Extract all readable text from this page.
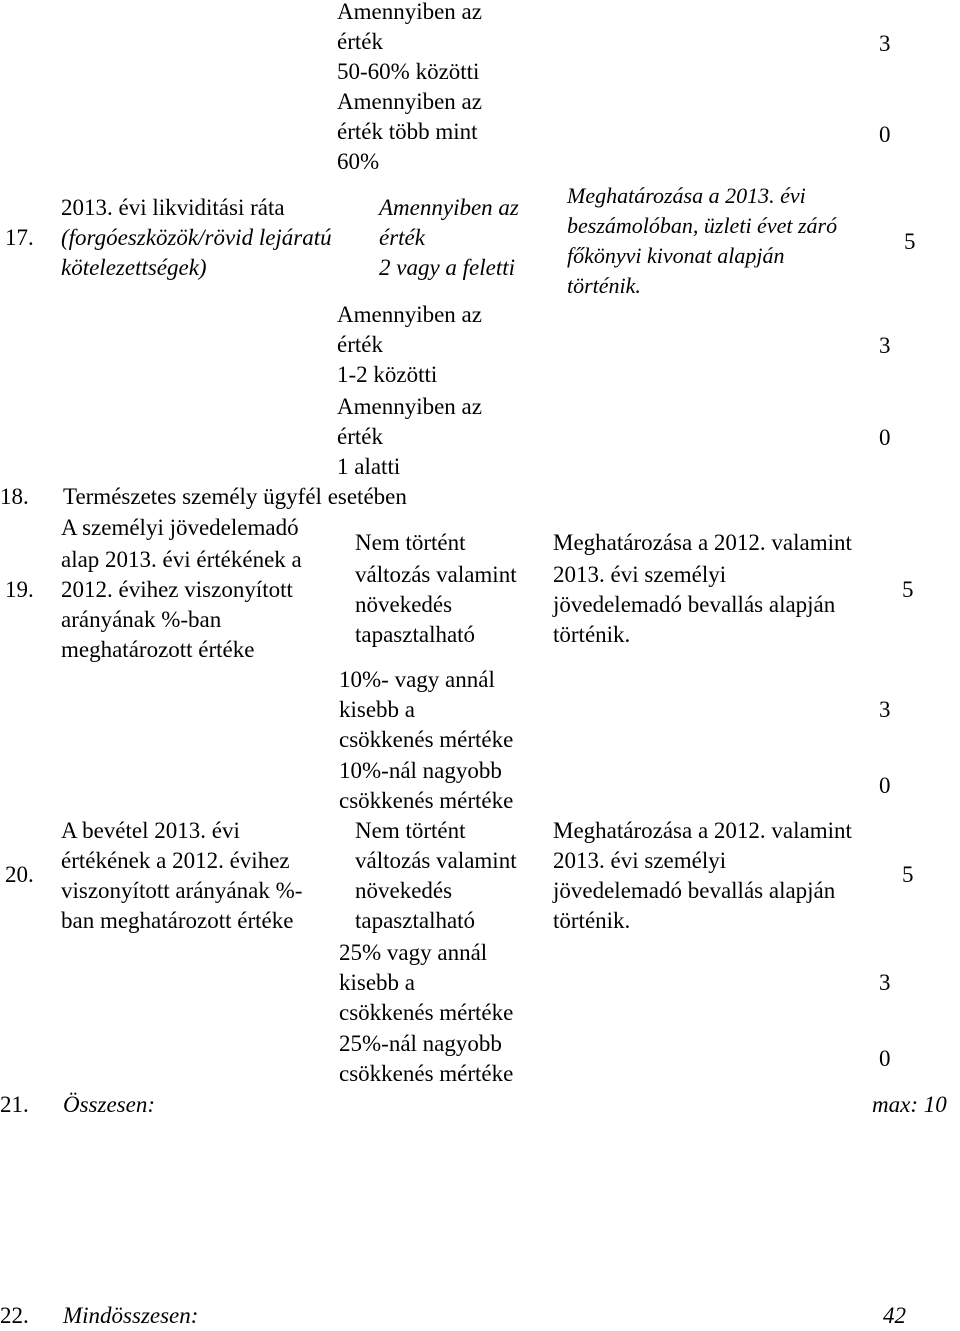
Amennyiben az
érték
50-60% közötti
3
Amennyiben az
érték több mint
60%
0
17.
2013. évi likviditási ráta
(forgóeszközök/rövid lejáratú
kötelezettségek)
Amennyiben az
érték
2 vagy a feletti
Meghatározása a 2013. évi
beszámolóban, üzleti évet záró
főkönyvi kivonat alapján
történik.
5
Amennyiben az
érték
1-2 közötti
3
Amennyiben az
érték
1 alatti
0
18. Természetes személy ügyfél esetében
19.
A személyi jövedelemadó
alap 2013. évi értékének a
2012. évihez viszonyított
arányának %-ban
meghatározott értéke
Nem történt
változás valamint
növekedés
tapasztalható
Meghatározása a 2012. valamint
2013. évi személyi
jövedelemadó bevallás alapján
történik.
5
10%- vagy annál
kisebb a
csökkenés mértéke
3
10%-nál nagyobb
csökkenés mértéke
0
20.
A bevétel 2013. évi
értékének a 2012. évihez
viszonyított arányának %-
ban meghatározott értéke
Nem történt
változás valamint
növekedés
tapasztalható
Meghatározása a 2012. valamint
2013. évi személyi
jövedelemadó bevallás alapján
történik.
5
25% vagy annál
kisebb a
csökkenés mértéke
3
25%-nál nagyobb
csökkenés mértéke
0
21. Összesen:	max: 10
22. Mindösszesen:	42
